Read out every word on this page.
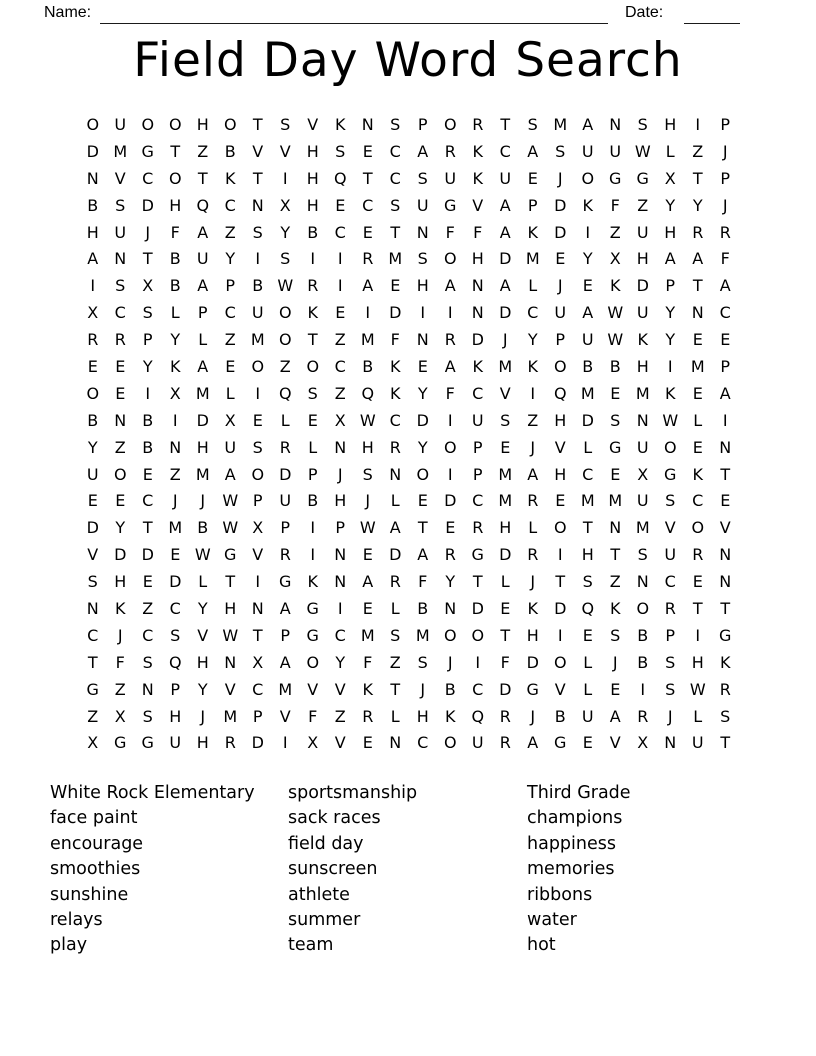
Name:	Date:
Field Day Word Search
O U O O H O	T	S	V	K	N	S	P	O R	T	S M A	N	S	H	I	P
D M G	T	Z	B	V	V	H	S	E	C	A	R	K	C	A	S	U U W L	Z	J
N	V	C O	T	K	T	I	H Q	T	C	S	U	K	U	E	J	O G G X	T	P
B	S	D H Q C N	X	H	E	C	S	U G V	A	P	D	K	F	Z	Y	Y	J
H U	J	F	A	Z	S	Y	B	C	E	T	N	F	F	A	K	D	I	Z	U H R	R
A	N	T	B	U	Y	I	S	I	I	R M S	O H D M E	Y	X	H	A	A	F
I	S	X	B	A	P	B W R	I	A	E	H	A	N	A	L	J	E	K	D	P	T	A
X	C	S	L	P	C	U O K	E	I	D	I	I	N D C	U	A W U	Y	N C
R	R	P	Y	L	Z M O	T	Z M F	N R D	J	Y	P	U W K	Y	E	E
E	E	Y	K	A	E	O Z O C	B	K	E	A	K M K O B	B	H	I	M P
O	E	I	X M	L	I	Q	S	Z Q K	Y	F	C	V	I	Q M E M K	E	A
B	N	B	I	D X	E	L	E	X W C D	I	U	S	Z	H D	S	N W L	I
Y	Z	B	N H U	S	R	L	N H R	Y	O	P	E	J	V	L	G U O	E	N
U O	E	Z M A O D	P	J	S	N O	I	P M A	H C	E	X G	K	T
E	E	C	J	J	W P	U	B	H	J	L	E	D C M R	E M M U	S	C	E
D	Y	T M B W X	P	I	P W A	T	E	R H	L	O	T	N M V O V
V D D	E W G V	R	I	N	E	D A	R G D R	I	H	T	S	U	R N
S	H	E	D	L	T	I	G	K	N	A	R	F	Y	T	L	J	T	S	Z	N C	E	N
N	K	Z	C	Y	H N	A G	I	E	L	B	N D	E	K	D Q K O R	T	T
C	J	C	S	V W T	P	G C M S M O O	T	H	I	E	S	B	P	I	G
T	F	S	Q H N	X	A O	Y	F	Z	S	J	I	F	D O	L	J	B	S	H	K
G Z	N	P	Y	V	C M V	V	K	T	J	B	C D G V	L	E	I	S W R
Z	X	S	H	J	M P	V	F	Z	R	L	H	K Q R	J	B	U	A	R	J	L	S
X G G U H R D	I	X	V	E	N C O U	R	A G	E	V	X	N U	T
White Rock Elementary
face paint
encourage
smoothies
sunshine
relays
play
sportsmanship
sack races
field day
sunscreen
athlete
summer
team
Third Grade
champions
happiness
memories
ribbons
water
hot
